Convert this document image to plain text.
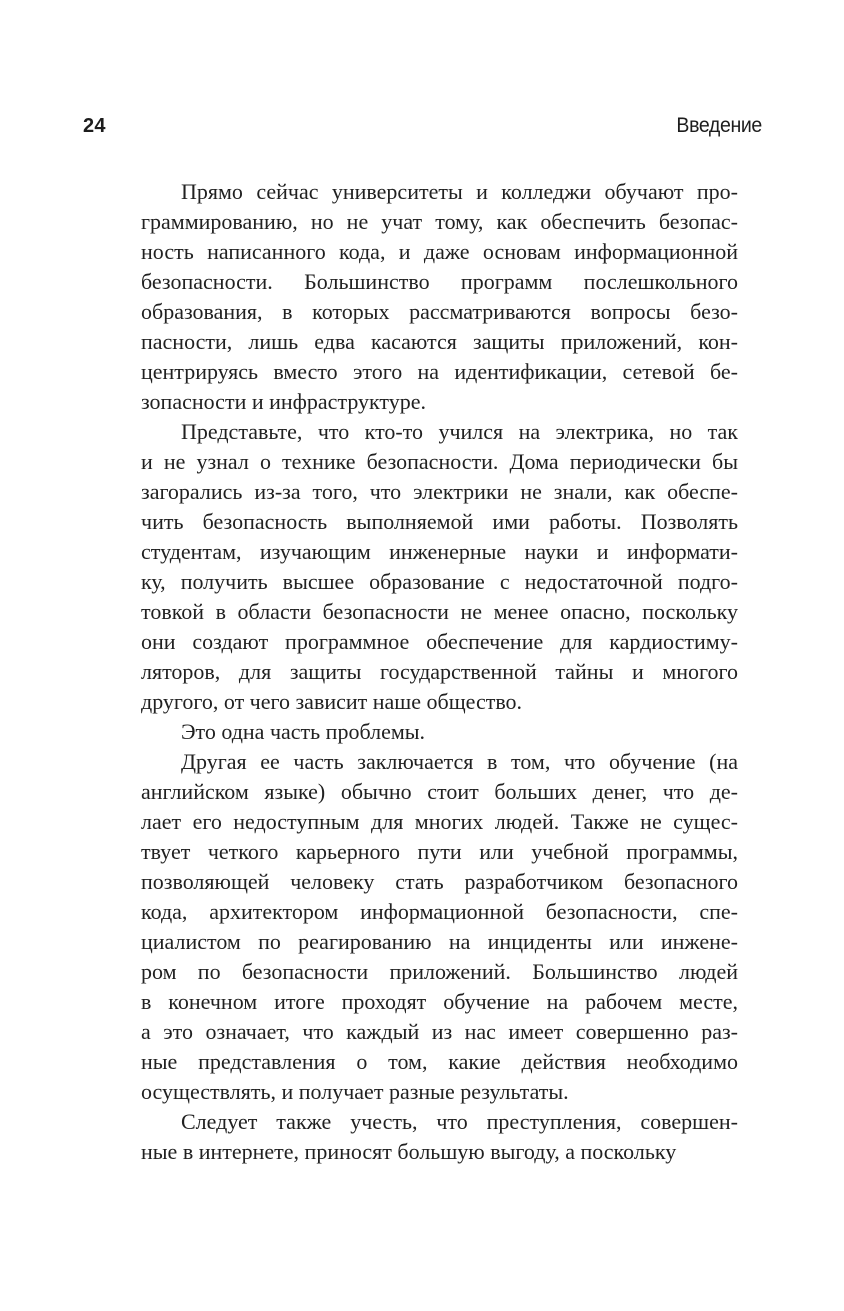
24	Введение
Прямо сейчас университеты и колледжи обучают про-
граммированию, но не учат тому, как обеспечить безопас-
ность написанного кода, и даже основам информационной
безопасности. Большинство программ послешкольного
образования, в которых рассматриваются вопросы безо-
пасности, лишь едва касаются защиты приложений, кон-
центрируясь вместо этого на идентификации, сетевой бе-
зопасности и инфраструктуре.
Представьте, что кто-то учился на электрика, но так
и не узнал о технике безопасности. Дома периодически бы
загорались из-за того, что электрики не знали, как обеспе-
чить безопасность выполняемой ими работы. Позволять
студентам, изучающим инженерные науки и информати-
ку, получить высшее образование с недостаточной подго-
товкой в области безопасности не менее опасно, поскольку
они создают программное обеспечение для кардиостиму-
ляторов, для защиты государственной тайны и многого
другого, от чего зависит наше общество.
Это одна часть проблемы.
Другая ее часть заключается в том, что обучение (на
английском языке) обычно стоит больших денег, что де-
лает его недоступным для многих людей. Также не сущес-
твует четкого карьерного пути или учебной программы,
позволяющей человеку стать разработчиком безопасного
кода, архитектором информационной безопасности, спе-
циалистом по реагированию на инциденты или инжене-
ром по безопасности приложений. Большинство людей
в конечном итоге проходят обучение на рабочем месте,
а это означает, что каждый из нас имеет совершенно раз-
ные представления о том, какие действия необходимо
осуществлять, и получает разные результаты.
Следует также учесть, что преступления, совершен-
ные в интернете, приносят большую выгоду, а поскольку
